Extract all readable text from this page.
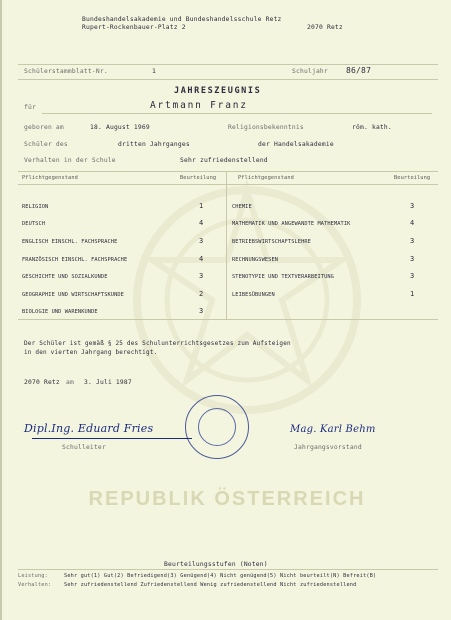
Bundeshandelsakademie und Bundeshandelsschule Retz
Rupert-Rockenbauer-Platz 2	2070 Retz
Schülerstammblatt-Nr.	1	Schuljahr 86/87
JAHRESZEUGNIS
für	Artmann Franz
geboren am	18. August 1969	Religionsbekenntnis	röm. kath.
Schüler des	dritten Jahrganges	der Handelsakademie
Verhalten in der Schule	Sehr zufriedenstellend
Pflichtgegenstand	Beurteilung	Pflichtgegenstand	Beurteilung
RELIGION	1
DEUTSCH	4
ENGLISCH EINSCHL. FACHSPRACHE	3
FRANZÖSISCH EINSCHL. FACHSPRACHE	4
GESCHICHTE UND SOZIALKUNDE	3
GEOGRAPHIE UND WIRTSCHAFTSKUNDE	2
BIOLOGIE UND WARENKUNDE	3
CHEMIE	3
MATHEMATIK UND ANGEWANDTE MATHEMATIK	4
BETRIEBSWIRTSCHAFTSLEHRE	3
RECHNUNGSWESEN	3
STENOTYPIE UND TEXTVERARBEITUNG	3
LEIBESÜBUNGEN	1
Der Schüler ist gemäß § 25 des Schulunterrichtsgesetzes zum Aufsteigen
in den vierten Jahrgang berechtigt.
2070 Retz am 3. Juli 1987
Dipl.Ing. Eduard Fries
Schulleiter
Mag. Karl Behm
Jahrgangsvorstand
REPUBLIK ÖSTERREICH
Beurteilungsstufen (Noten)
Leistung:	Sehr gut(1) Gut(2) Befriedigend(3) Genügend(4) Nicht genügend(5) Nicht beurteilt(N) Befreit(B)
Verhalten: Sehr zufriedenstellend Zufriedenstellend Wenig zufriedenstellend Nicht zufriedenstellend
